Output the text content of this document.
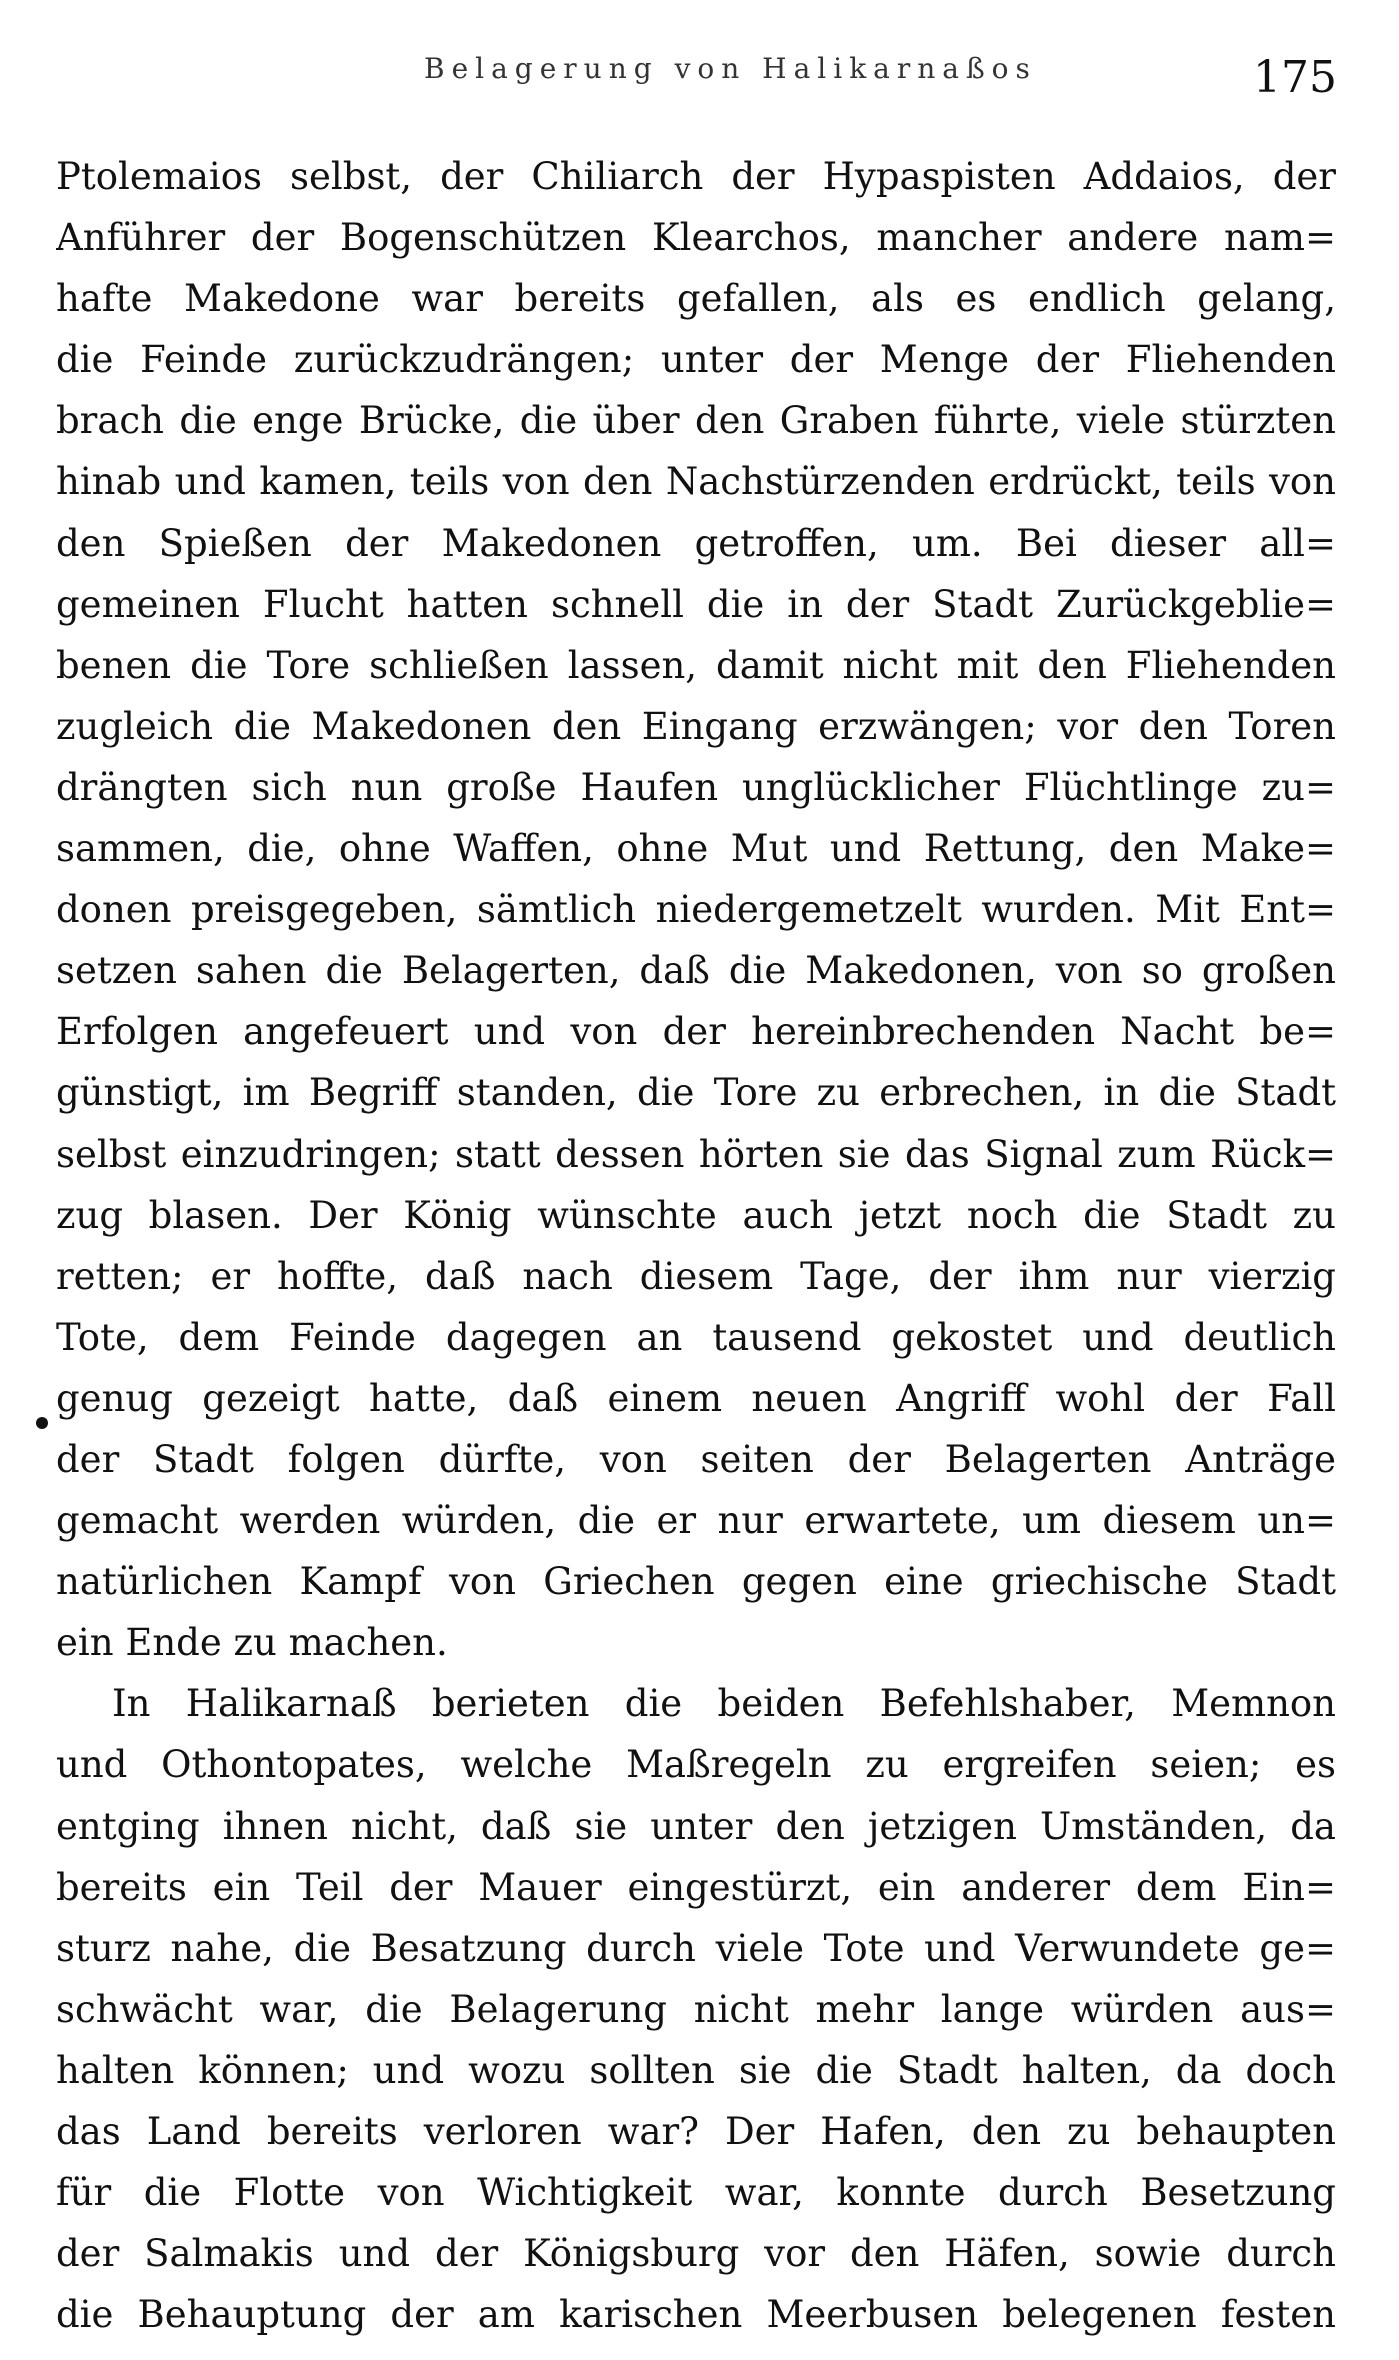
Belagerung von Halikarnaßos	175
Ptolemaios selbst, der Chiliarch der Hypaspisten Addaios, der
Anführer der Bogenschützen Klearchos, mancher andere nam=
hafte Makedone war bereits gefallen, als es endlich gelang,
die Feinde zurückzudrängen; unter der Menge der Fliehenden
brach die enge Brücke, die über den Graben führte, viele stürzten
hinab und kamen, teils von den Nachstürzenden erdrückt, teils von
den Spießen der Makedonen getroffen, um. Bei dieser all=
gemeinen Flucht hatten schnell die in der Stadt Zurückgeblie=
benen die Tore schließen lassen, damit nicht mit den Fliehenden
zugleich die Makedonen den Eingang erzwängen; vor den Toren
drängten sich nun große Haufen unglücklicher Flüchtlinge zu=
sammen, die, ohne Waffen, ohne Mut und Rettung, den Make=
donen preisgegeben, sämtlich niedergemetzelt wurden. Mit Ent=
setzen sahen die Belagerten, daß die Makedonen, von so großen
Erfolgen angefeuert und von der hereinbrechenden Nacht be=
günstigt, im Begriff standen, die Tore zu erbrechen, in die Stadt
selbst einzudringen; statt dessen hörten sie das Signal zum Rück=
zug blasen. Der König wünschte auch jetzt noch die Stadt zu
retten; er hoffte, daß nach diesem Tage, der ihm nur vierzig
Tote, dem Feinde dagegen an tausend gekostet und deutlich
genug gezeigt hatte, daß einem neuen Angriff wohl der Fall
der Stadt folgen dürfte, von seiten der Belagerten Anträge
gemacht werden würden, die er nur erwartete, um diesem un=
natürlichen Kampf von Griechen gegen eine griechische Stadt
ein Ende zu machen.
In Halikarnaß berieten die beiden Befehlshaber, Memnon
und Othontopates, welche Maßregeln zu ergreifen seien; es
entging ihnen nicht, daß sie unter den jetzigen Umständen, da
bereits ein Teil der Mauer eingestürzt, ein anderer dem Ein=
sturz nahe, die Besatzung durch viele Tote und Verwundete ge=
schwächt war, die Belagerung nicht mehr lange würden aus=
halten können; und wozu sollten sie die Stadt halten, da doch
das Land bereits verloren war? Der Hafen, den zu behaupten
für die Flotte von Wichtigkeit war, konnte durch Besetzung
der Salmakis und der Königsburg vor den Häfen, sowie durch
die Behauptung der am karischen Meerbusen belegenen festen
